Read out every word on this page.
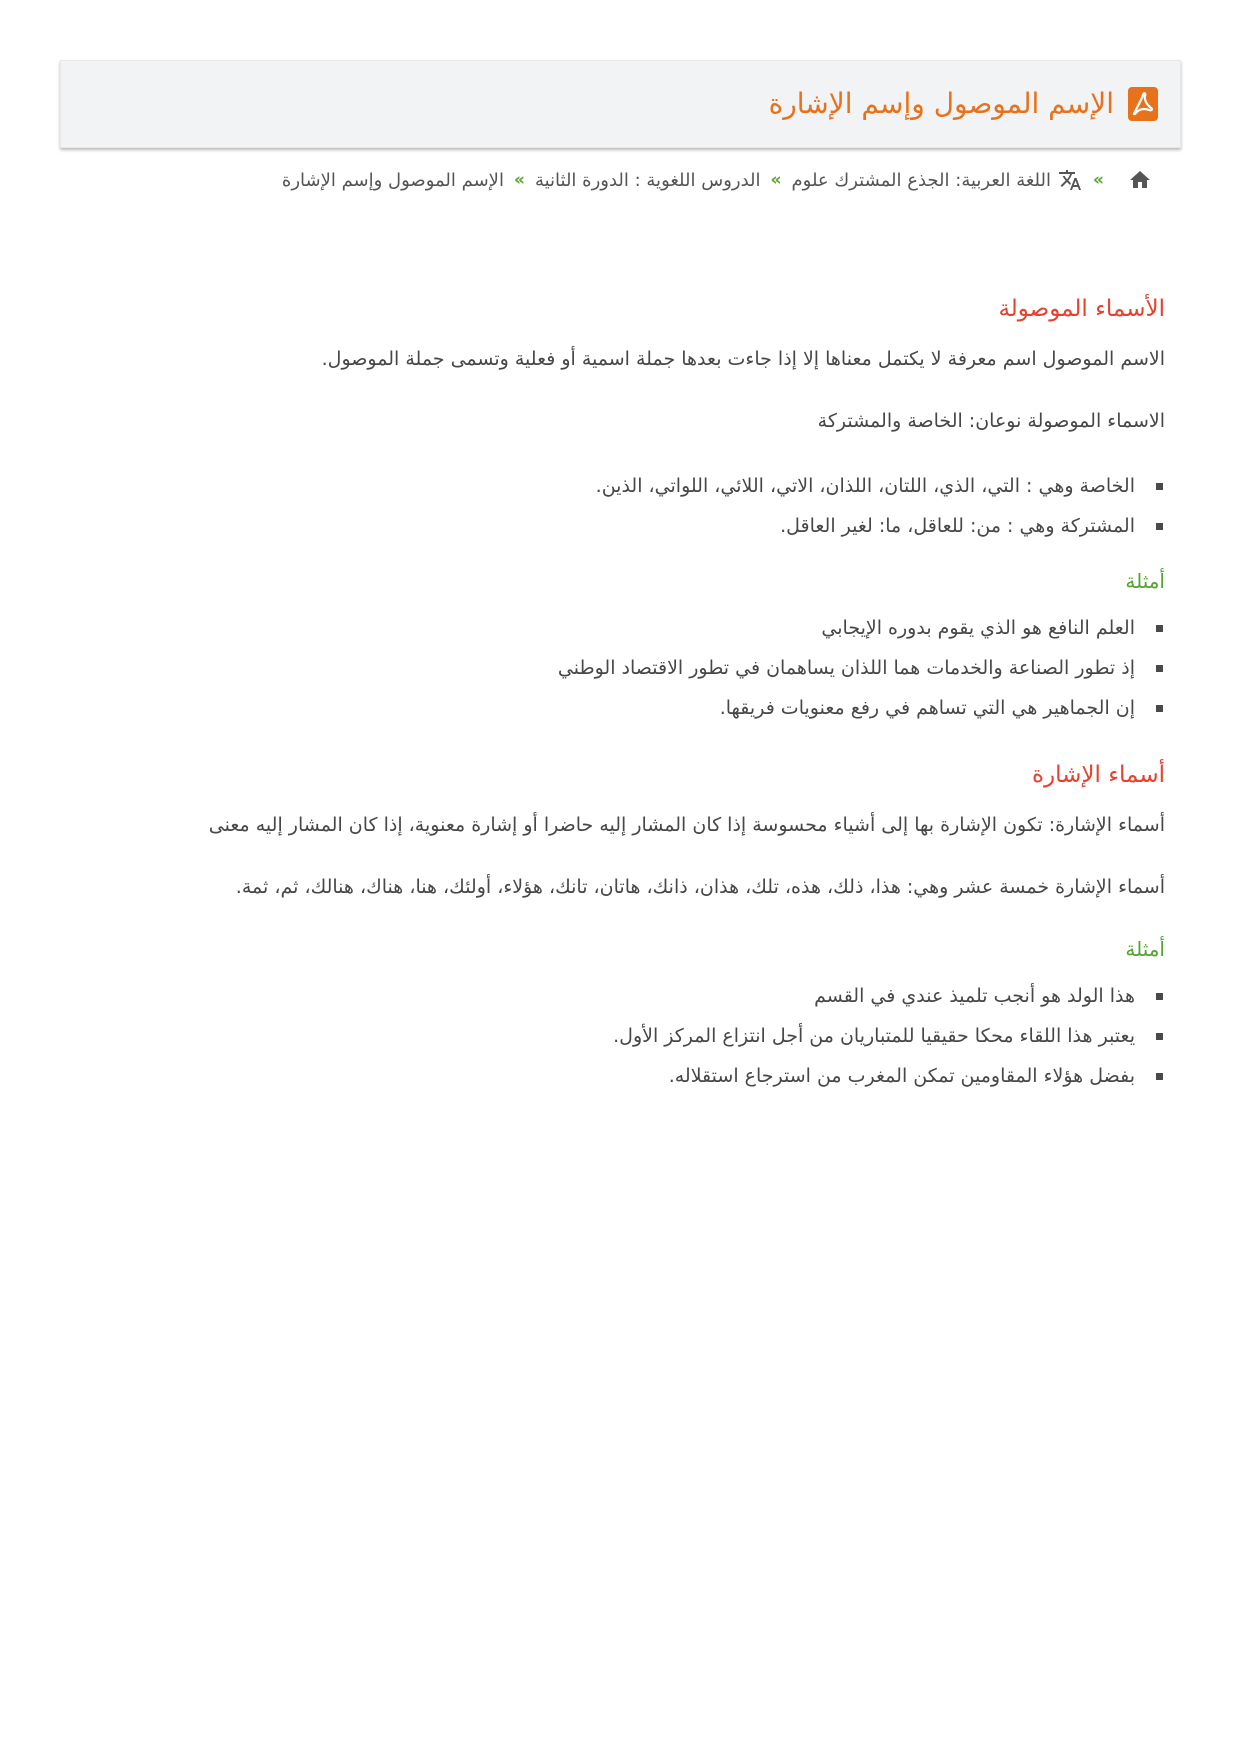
الإسم الموصول وإسم الإشارة
»
اللغة العربية: الجذع المشترك علوم
»
الدروس اللغوية : الدورة الثانية
»
الإسم الموصول وإسم الإشارة
الأسماء الموصولة

الاسم الموصول اسم معرفة لا يكتمل معناها إلا إذا جاءت بعدها جملة اسمية أو فعلية وتسمى جملة الموصول.

الاسماء الموصولة نوعان: الخاصة والمشتركة

الخاصة وهي : التي، الذي، اللتان، اللذان، الاتي، اللائي، اللواتي، الذين.
المشتركة وهي : من: للعاقل، ما: لغير العاقل.
أمثلة
العلم النافع هو الذي يقوم بدوره الإيجابي
إذ تطور الصناعة والخدمات هما اللذان يساهمان في تطور الاقتصاد الوطني
إن الجماهير هي التي تساهم في رفع معنويات فريقها.
أسماء الإشارة

أسماء الإشارة: تكون الإشارة بها إلى أشياء محسوسة إذا كان المشار إليه حاضرا أو إشارة معنوية، إذا كان المشار إليه معنى

أسماء الإشارة خمسة عشر وهي: هذا، ذلك، هذه، تلك، هذان، ذانك، هاتان، تانك، هؤلاء، أولئك، هنا، هناك، هنالك، ثم، ثمة.

أمثلة
هذا الولد هو أنجب تلميذ عندي في القسم
يعتبر هذا اللقاء محكا حقيقيا للمتباريان من أجل انتزاع المركز الأول.
بفضل هؤلاء المقاومين تمكن المغرب من استرجاع استقلاله.
